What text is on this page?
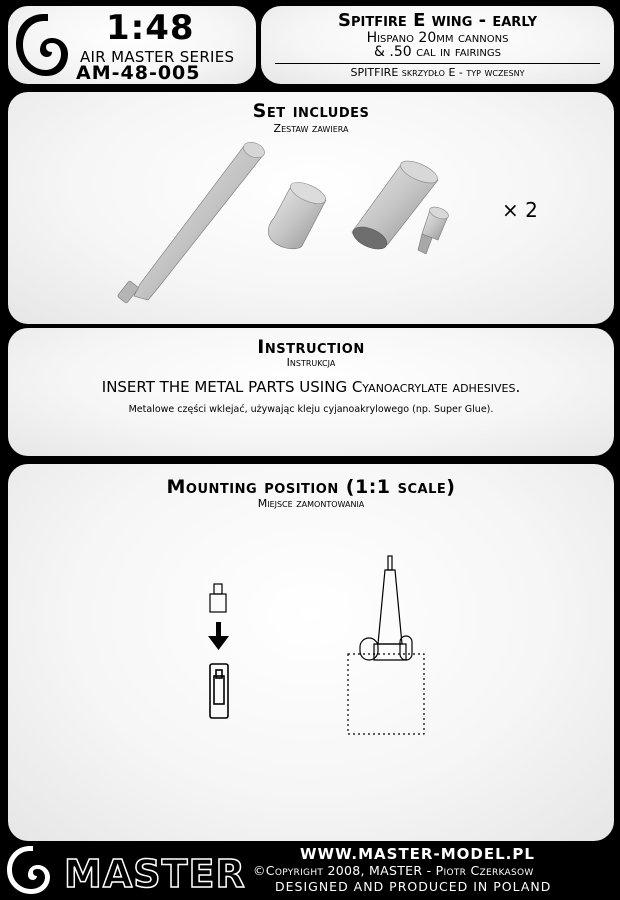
1:48
AIR MASTER SERIES
AM-48-005
Spitfire E wing - early
Hispano 20mm cannons
& .50 cal in fairings
SPITFIRE skrzydło E - typ wczesny
Set includes
Zestaw zawiera
× 2
Instruction
Instrukcja
INSERT THE METAL PARTS USING Cyanoacrylate adhesives.
Metalowe części wklejać, używając kleju cyjanoakrylowego (np. Super Glue).
Mounting position (1:1 scale)
Miejsce zamontowania
MASTER	WWW.MASTER-MODEL.PL
©Copyright 2008, MASTER - Piotr Czerkasow
DESIGNED AND PRODUCED IN POLAND
